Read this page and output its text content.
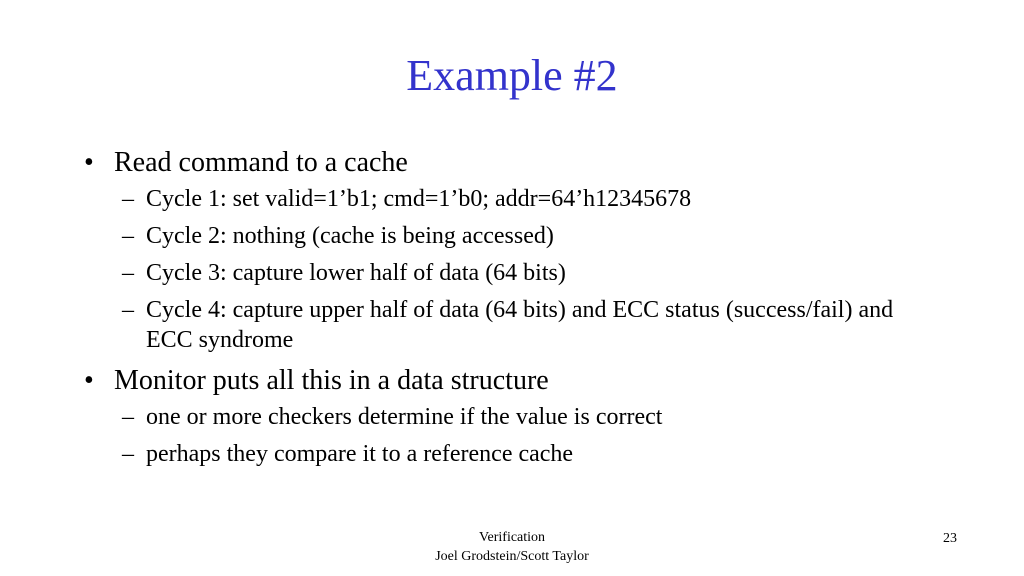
Example #2
• Read command to a cache
– Cycle 1: set valid=1’b1; cmd=1’b0; addr=64’h12345678
– Cycle 2: nothing (cache is being accessed)
– Cycle 3: capture lower half of data (64 bits)
– Cycle 4: capture upper half of data (64 bits) and ECC status (success/fail) and ECC syndrome
• Monitor puts all this in a data structure
– one or more checkers determine if the value is correct
– perhaps they compare it to a reference cache
Verification
Joel Grodstein/Scott Taylor
23
